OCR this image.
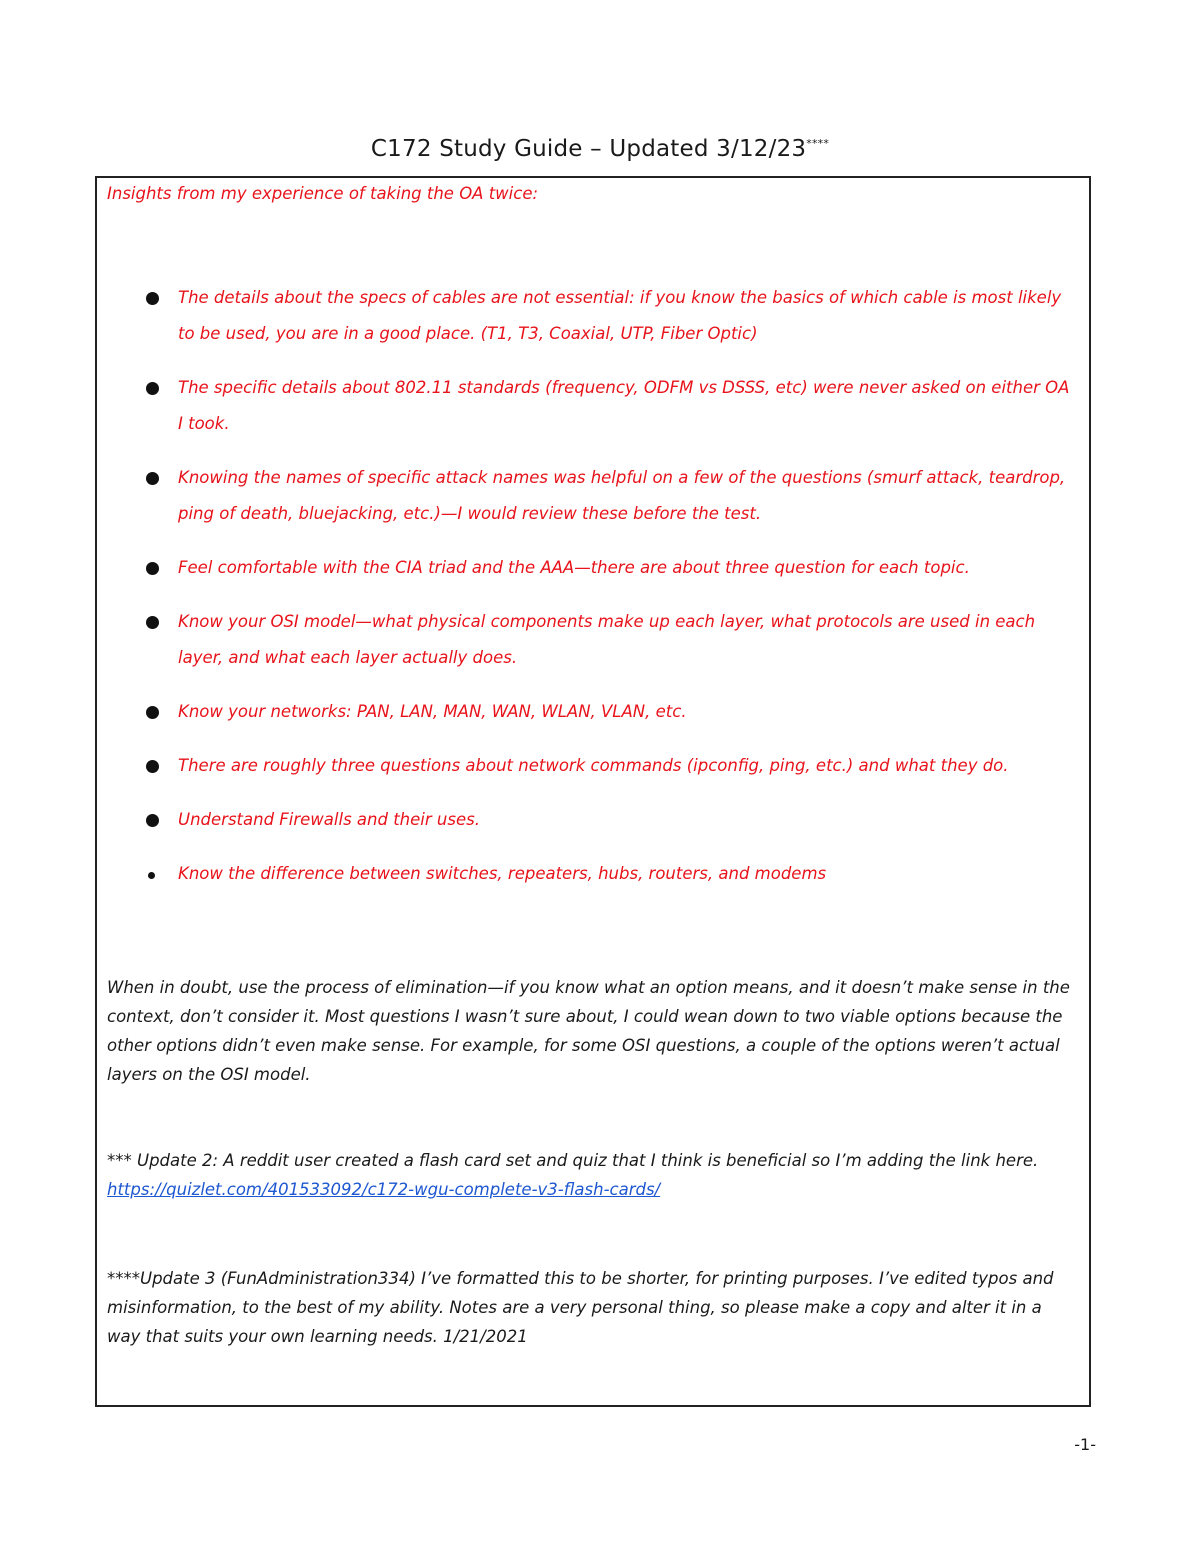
C172 Study Guide – Updated 3/12/23****

Insights from my experience of taking the OA twice:

The details about the specs of cables are not essential: if you know the basics of which cable is most likely to be used, you are in a good place. (T1, T3, Coaxial, UTP, Fiber Optic)
The specific details about 802.11 standards (frequency, ODFM vs DSSS, etc) were never asked on either OA I took.
Knowing the names of specific attack names was helpful on a few of the questions (smurf attack, teardrop, ping of death, bluejacking, etc.)—I would review these before the test.
Feel comfortable with the CIA triad and the AAA—there are about three question for each topic.
Know your OSI model—what physical components make up each layer, what protocols are used in each layer, and what each layer actually does.
Know your networks: PAN, LAN, MAN, WAN, WLAN, VLAN, etc.
There are roughly three questions about network commands (ipconfig, ping, etc.) and what they do.
Understand Firewalls and their uses.
Know the difference between switches, repeaters, hubs, routers, and modems

When in doubt, use the process of elimination—if you know what an option means, and it doesn’t make sense in the context, don’t consider it. Most questions I wasn’t sure about, I could wean down to two viable options because the other options didn’t even make sense. For example, for some OSI questions, a couple of the options weren’t actual layers on the OSI model.

*** Update 2: A reddit user created a flash card set and quiz that I think is beneficial so I’m adding the link here. https://quizlet.com/401533092/c172-wgu-complete-v3-flash-cards/

****Update 3 (FunAdministration334) I’ve formatted this to be shorter, for printing purposes. I’ve edited typos and misinformation, to the best of my ability. Notes are a very personal thing, so please make a copy and alter it in a way that suits your own learning needs. 1/21/2021

-1-
